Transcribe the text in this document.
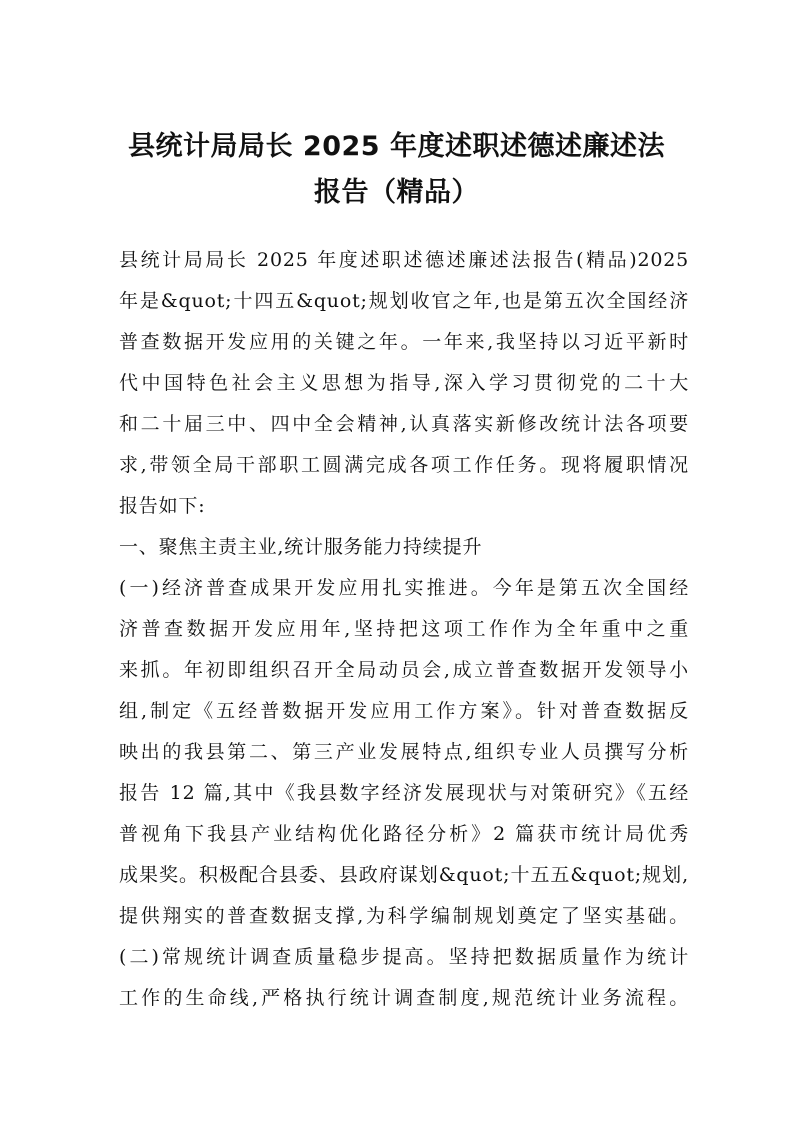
县统计局局长 2025 年度述职述德述廉述法
报告（精品）
县统计局局长 2025 年度述职述德述廉述法报告(精品)2025
年是&quot;十四五&quot;规划收官之年,也是第五次全国经济
普查数据开发应用的关键之年。一年来,我坚持以习近平新时
代中国特色社会主义思想为指导,深入学习贯彻党的二十大
和二十届三中、四中全会精神,认真落实新修改统计法各项要
求,带领全局干部职工圆满完成各项工作任务。现将履职情况
报告如下:
一、聚焦主责主业,统计服务能力持续提升
(一)经济普查成果开发应用扎实推进。今年是第五次全国经
济普查数据开发应用年,坚持把这项工作作为全年重中之重
来抓。年初即组织召开全局动员会,成立普查数据开发领导小
组,制定《五经普数据开发应用工作方案》。针对普查数据反
映出的我县第二、第三产业发展特点,组织专业人员撰写分析
报告 12 篇,其中《我县数字经济发展现状与对策研究》《五经
普视角下我县产业结构优化路径分析》2 篇获市统计局优秀
成果奖。积极配合县委、县政府谋划&quot;十五五&quot;规划,
提供翔实的普查数据支撑,为科学编制规划奠定了坚实基础。
(二)常规统计调查质量稳步提高。坚持把数据质量作为统计
工作的生命线,严格执行统计调查制度,规范统计业务流程。
